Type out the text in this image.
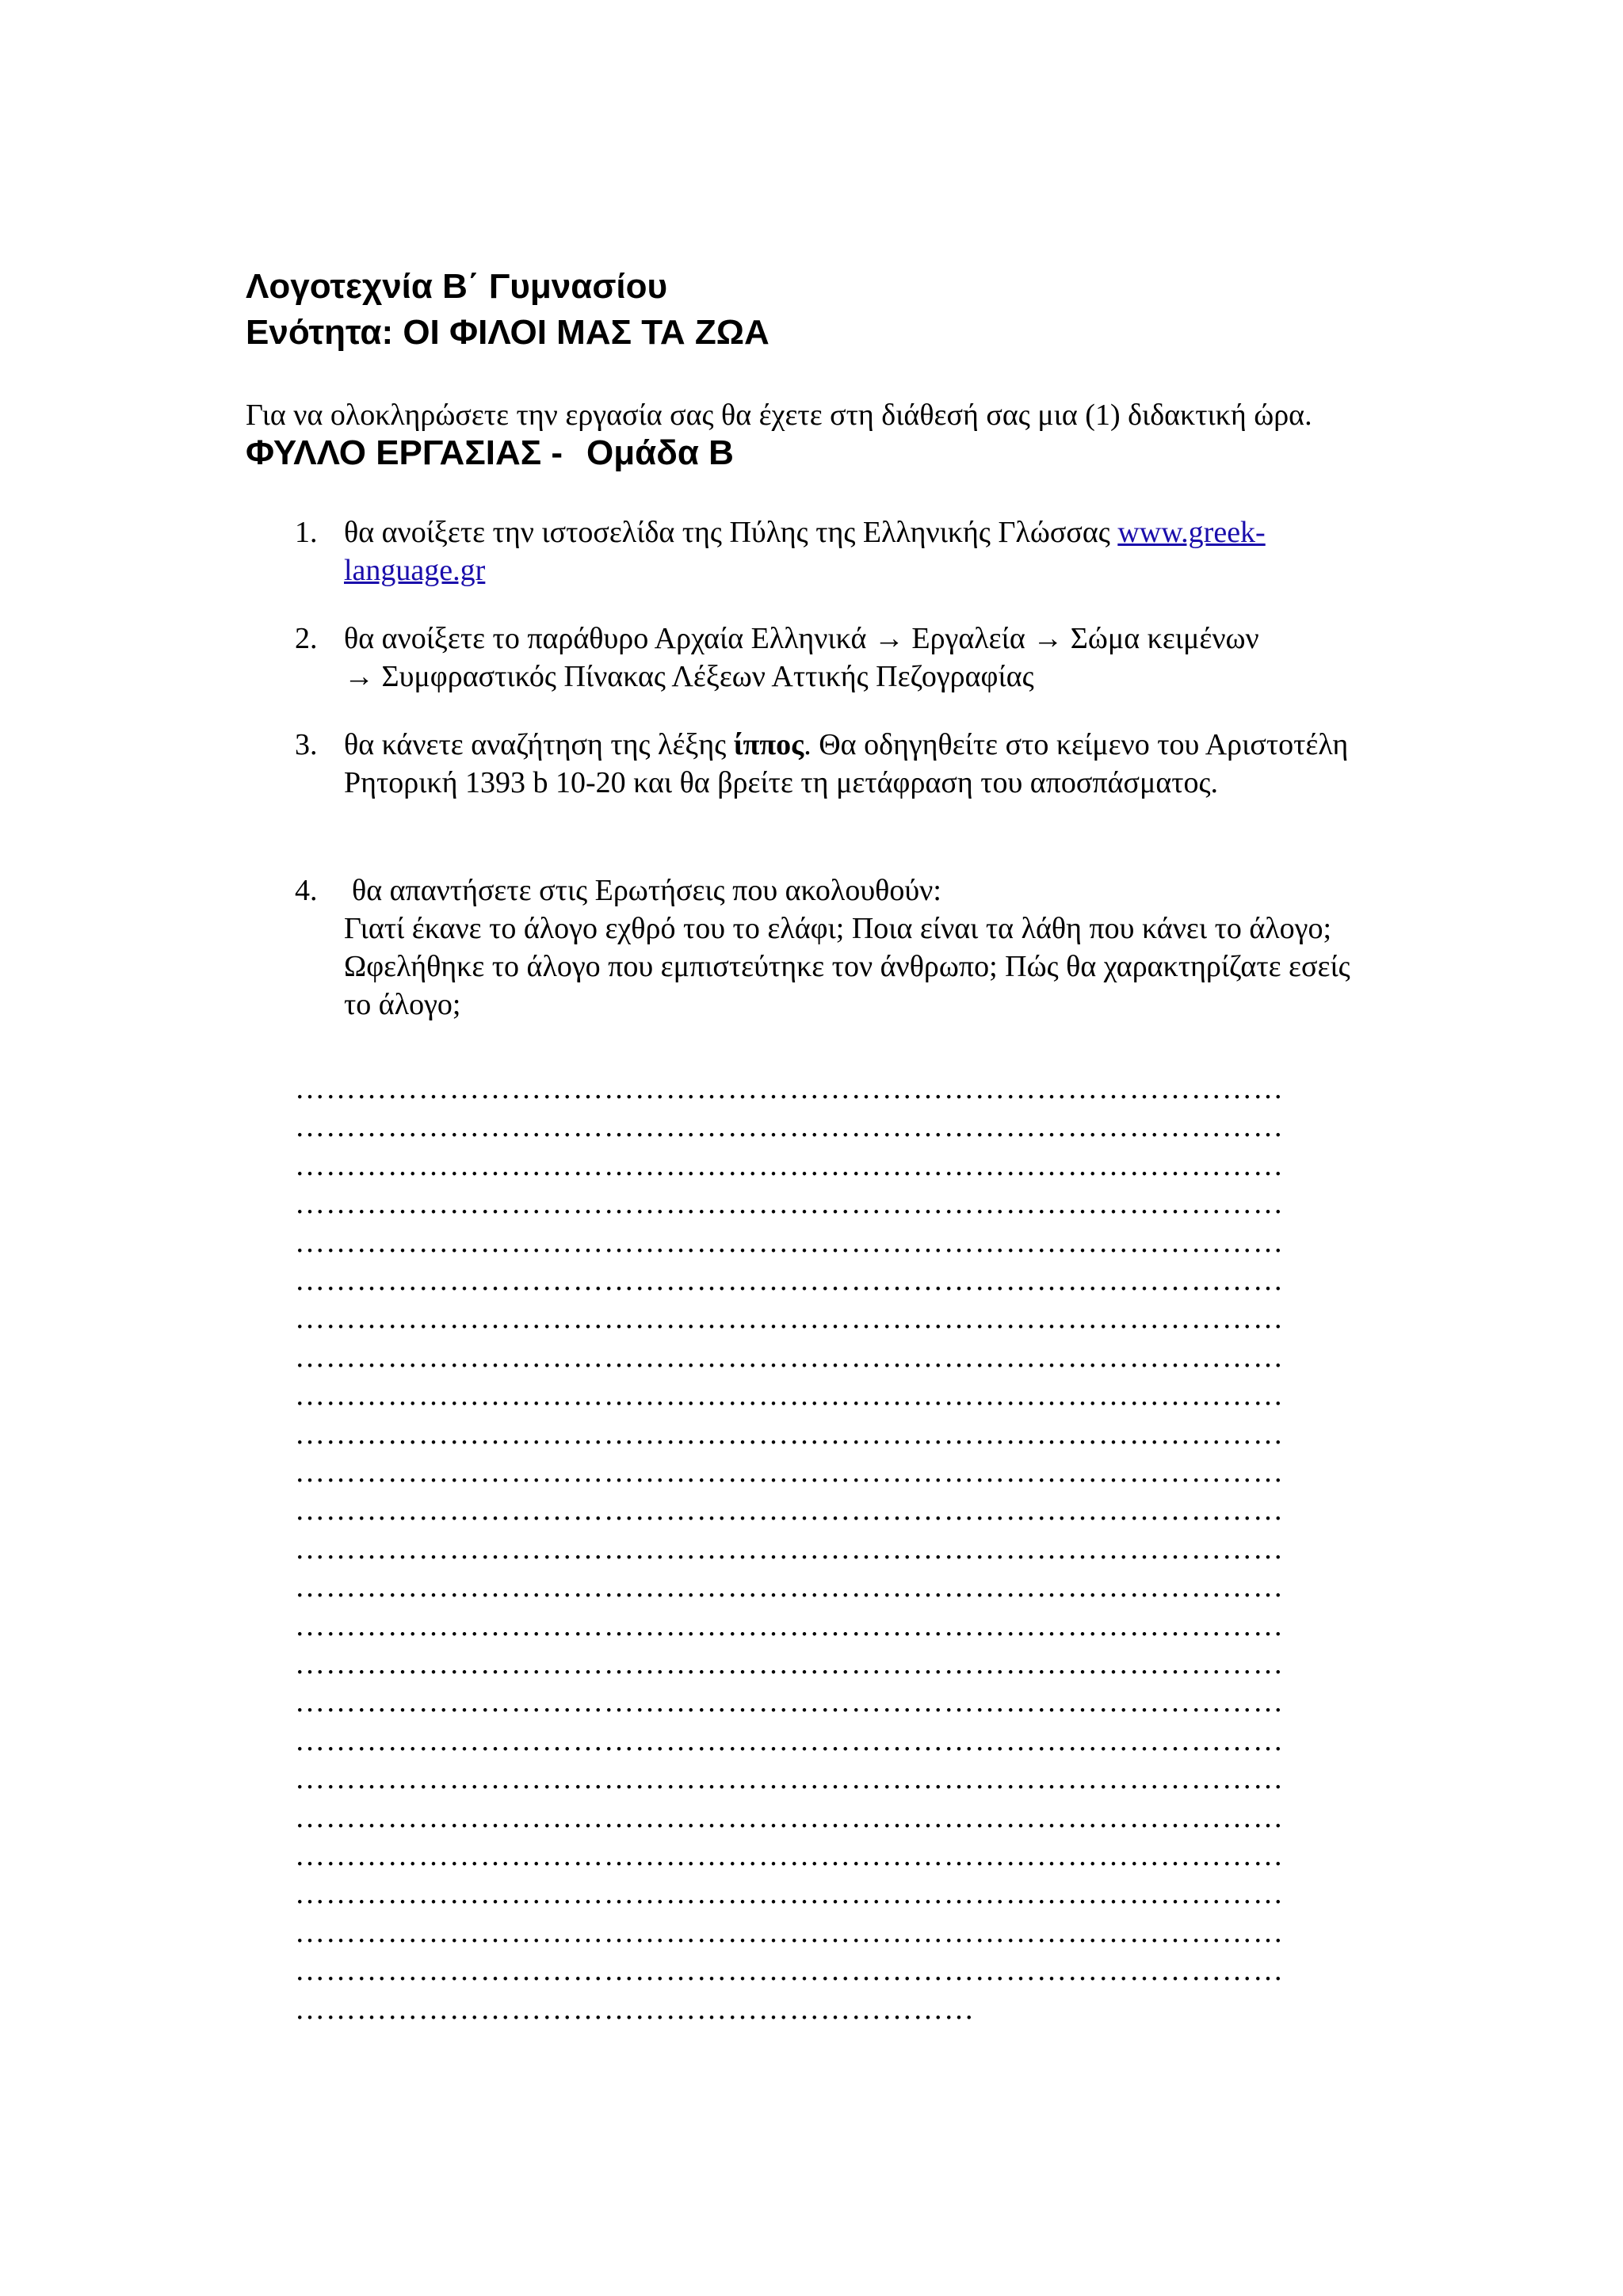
Λογοτεχνία Β΄ Γυμνασίου
Ενότητα: ΟΙ ΦΙΛΟΙ ΜΑΣ ΤΑ ΖΩΑ
Για να ολοκληρώσετε την εργασία σας θα έχετε στη διάθεσή σας μια (1) διδακτική ώρα.
ΦΥΛΛΟ ΕΡΓΑΣΙΑΣ - Ομάδα Β
1. θα ανοίξετε την ιστοσελίδα της Πύλης της Ελληνικής Γλώσσας www.greek-language.gr
2. θα ανοίξετε το παράθυρο Αρχαία Ελληνικά → Εργαλεία → Σώμα κειμένων
→ Συμφραστικός Πίνακας Λέξεων Αττικής Πεζογραφίας
3. θα κάνετε αναζήτηση της λέξης ίππος. Θα οδηγηθείτε στο κείμενο του Αριστοτέλη Ρητορική 1393 b 10-20 και θα βρείτε τη μετάφραση του αποσπάσματος.
4. θα απαντήσετε στις Ερωτήσεις που ακολουθούν:
Γιατί έκανε το άλογο εχθρό του το ελάφι; Ποια είναι τα λάθη που κάνει το άλογο; Ωφελήθηκε το άλογο που εμπιστεύτηκε τον άνθρωπο; Πώς θα χαρακτηρίζατε εσείς το άλογο;
……………………………………………………………………………………
……………………………………………………………………………………
……………………………………………………………………………………
……………………………………………………………………………………
……………………………………………………………………………………
……………………………………………………………………………………
……………………………………………………………………………………
……………………………………………………………………………………
……………………………………………………………………………………
……………………………………………………………………………………
……………………………………………………………………………………
……………………………………………………………………………………
……………………………………………………………………………………
……………………………………………………………………………………
……………………………………………………………………………………
……………………………………………………………………………………
……………………………………………………………………………………
……………………………………………………………………………………
……………………………………………………………………………………
……………………………………………………………………………………
……………………………………………………………………………………
……………………………………………………………………………………
……………………………………………………………………………………
……………………………………………………………………………………
…………………………………………………………
